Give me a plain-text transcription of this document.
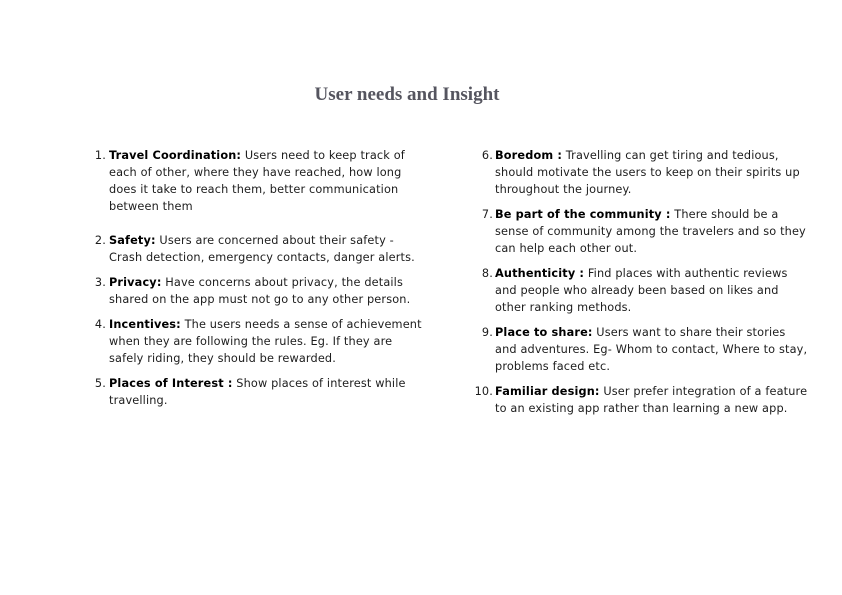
User needs and Insight
1. Travel Coordination: Users need to keep track of each of other, where they have reached, how long does it take to reach them, better communication between them
2. Safety: Users are concerned about their safety - Crash detection, emergency contacts, danger alerts.
3. Privacy: Have concerns about privacy, the details shared on the app must not go to any other person.
4. Incentives: The users needs a sense of achievement when they are following the rules. Eg. If they are safely riding, they should be rewarded.
5. Places of Interest : Show places of interest while travelling.
6. Boredom : Travelling can get tiring and tedious, should motivate the users to keep on their spirits up throughout the journey.
7. Be part of the community : There should be a sense of community among the travelers and so they can help each other out.
8. Authenticity : Find places with authentic reviews and people who already been based on likes and other ranking methods.
9. Place to share: Users want to share their stories and adventures. Eg- Whom to contact, Where to stay, problems faced etc.
10. Familiar design: User prefer integration of a feature to an existing app rather than learning a new app.
